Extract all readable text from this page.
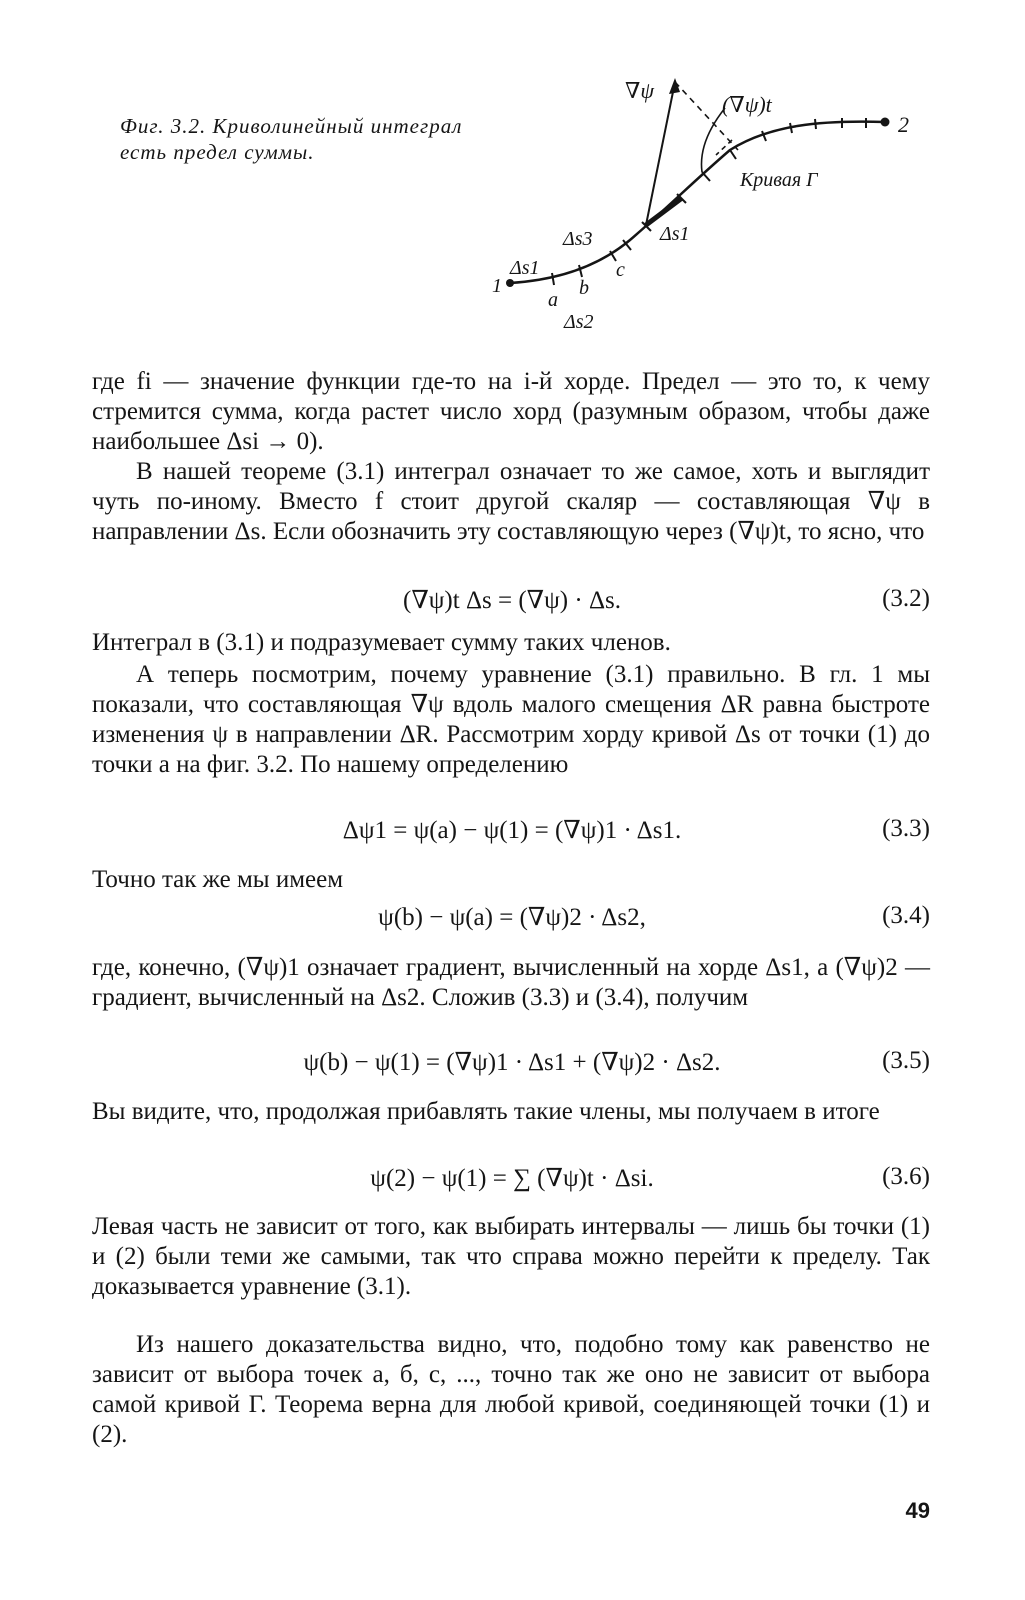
Фиг. 3.2. Криволинейный интеграл есть предел суммы.
∇ψ
(∇ψ)t
2
1
Кривая Г
Δs1
Δs1
Δs2
Δs3
a
b
c
где fi — значение функции где-то на i-й хорде. Предел — это то, к чему стремится сумма, когда растет число хорд (разумным образом, чтобы даже наибольшее Δsi → 0).
В нашей теореме (3.1) интеграл означает то же самое, хоть и выглядит чуть по-иному. Вместо f стоит другой скаляр — составляющая ∇ψ в направлении Δs. Если обозначить эту составляющую через (∇ψ)t, то ясно, что
(∇ψ)t Δs = (∇ψ) · Δs.	(3.2)
Интеграл в (3.1) и подразумевает сумму таких членов.
А теперь посмотрим, почему уравнение (3.1) правильно. В гл. 1 мы показали, что составляющая ∇ψ вдоль малого смещения ΔR равна быстроте изменения ψ в направлении ΔR. Рассмотрим хорду кривой Δs от точки (1) до точки a на фиг. 3.2. По нашему определению
Δψ1 = ψ(a) − ψ(1) = (∇ψ)1 · Δs1.	(3.3)
Точно так же мы имеем
ψ(b) − ψ(a) = (∇ψ)2 · Δs2,	(3.4)
где, конечно, (∇ψ)1 означает градиент, вычисленный на хорде Δs1, а (∇ψ)2 — градиент, вычисленный на Δs2. Сложив (3.3) и (3.4), получим
ψ(b) − ψ(1) = (∇ψ)1 · Δs1 + (∇ψ)2 · Δs2.	(3.5)
Вы видите, что, продолжая прибавлять такие члены, мы получаем в итоге
ψ(2) − ψ(1) = ∑ (∇ψ)t · Δsi.	(3.6)
Левая часть не зависит от того, как выбирать интервалы — лишь бы точки (1) и (2) были теми же самыми, так что справа можно перейти к пределу. Так доказывается уравнение (3.1).
Из нашего доказательства видно, что, подобно тому как равенство не зависит от выбора точек a, б, c, ..., точно так же оно не зависит от выбора самой кривой Г. Теорема верна для любой кривой, соединяющей точки (1) и (2).
49
